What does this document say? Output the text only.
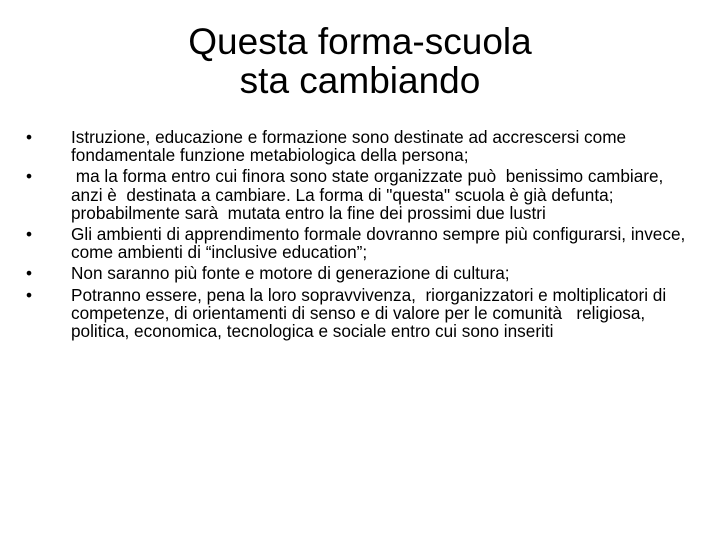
Questa forma-scuola
sta cambiando
•	Istruzione, educazione e formazione sono destinate ad accrescersi come fondamentale funzione metabiologica della persona;
•	ma la forma entro cui finora sono state organizzate può  benissimo cambiare, anzi è  destinata a cambiare. La forma di "questa" scuola è già defunta; probabilmente sarà  mutata entro la fine dei prossimi due lustri
•	Gli ambienti di apprendimento formale dovranno sempre più configurarsi, invece, come ambienti di “inclusive education”;
•	Non saranno più fonte e motore di generazione di cultura;
•	Potranno essere, pena la loro sopravvivenza,  riorganizzatori e moltiplicatori di competenze, di orientamenti di senso e di valore per le comunità   religiosa, politica, economica, tecnologica e sociale entro cui sono inseriti
